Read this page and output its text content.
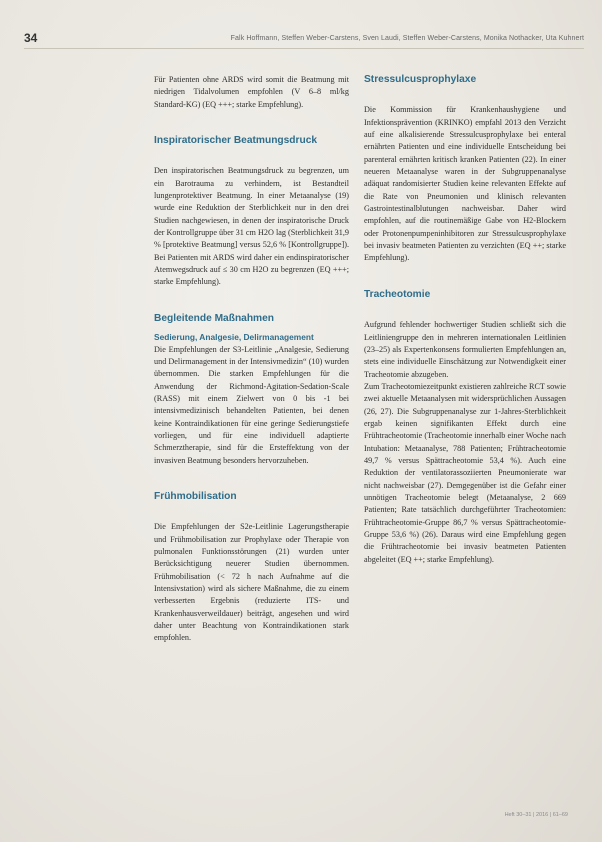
34	Falk Hoffmann, Steffen Weber-Carstens, Sven Laudi, Steffen Weber-Carstens, Monika Nothacker, Uta Kuhnert

Für Patienten ohne ARDS wird somit die Beatmung mit niedrigen Tidalvolumen empfohlen (V 6–8 ml/kg Standard-KG) (EQ +++; starke Empfehlung).

Inspiratorischer Beatmungsdruck

Den inspiratorischen Beatmungsdruck zu begrenzen, um ein Barotrauma zu verhindern, ist Bestandteil lungenprotektiver Beatmung. In einer Metaanalyse (19) wurde eine Reduktion der Sterblichkeit nur in den drei Studien nachgewiesen, in denen der inspiratorische Druck der Kontrollgruppe über 31 cm H2O lag (Sterblichkeit 31,9 % [protektive Beatmung] versus 52,6 % [Kontrollgruppe]). Bei Patienten mit ARDS wird daher ein endinspiratorischer Atemwegsdruck auf ≤ 30 cm H2O zu begrenzen (EQ +++; starke Empfehlung).

Begleitende Maßnahmen
Sedierung, Analgesie, Delirmanagement

Die Empfehlungen der S3-Leitlinie „Analgesie, Sedierung und Delirmanagement in der Intensivmedizin“ (10) wurden übernommen. Die starken Empfehlungen für die Anwendung der Richmond-Agitation-Sedation-Scale (RASS) mit einem Zielwert von 0 bis -1 bei intensivmedizinisch behandelten Patienten, bei denen keine Kontraindikationen für eine geringe Sedierungstiefe vorliegen, und für eine individuell adaptierte Schmerztherapie, sind für die Ersteffektung von der invasiven Beatmung besonders hervorzuheben.

Frühmobilisation

Die Empfehlungen der S2e-Leitlinie Lagerungstherapie und Frühmobilisation zur Prophylaxe oder Therapie von pulmonalen Funktionsstörungen (21) wurden unter Berücksichtigung neuerer Studien übernommen. Frühmobilisation (< 72 h nach Aufnahme auf die Intensivstation) wird als sichere Maßnahme, die zu einem verbesserten Ergebnis (reduzierte ITS- und Krankenhausverweildauer) beiträgt, angesehen und wird daher unter Beachtung von Kontraindikationen stark empfohlen.

Stressulcusprophylaxe

Die Kommission für Krankenhaushygiene und Infektionsprävention (KRINKO) empfahl 2013 den Verzicht auf eine alkalisierende Stressulcusprophylaxe bei enteral ernährten Patienten und eine individuelle Entscheidung bei parenteral ernährten kritisch kranken Patienten (22). In einer neueren Metaanalyse waren in der Subgruppenanalyse adäquat randomisierter Studien keine relevanten Effekte auf die Rate von Pneumonien und klinisch relevanten Gastrointestinalblutungen nachweisbar. Daher wird empfohlen, auf die routinemäßige Gabe von H2-Blockern oder Protonenpumpeninhibitoren zur Stressulcusprophylaxe bei invasiv beatmeten Patienten zu verzichten (EQ ++; starke Empfehlung).

Tracheotomie

Aufgrund fehlender hochwertiger Studien schließt sich die Leitliniengruppe den in mehreren internationalen Leitlinien (23–25) als Expertenkonsens formulierten Empfehlungen an, stets eine individuelle Einschätzung zur Notwendigkeit einer Tracheotomie abzugeben.

Zum Tracheotomiezeitpunkt existieren zahlreiche RCT sowie zwei aktuelle Metaanalysen mit widersprüchlichen Aussagen (26, 27). Die Subgruppenanalyse zur 1-Jahres-Sterblichkeit ergab keinen signifikanten Effekt durch eine Frühtracheotomie (Tracheotomie innerhalb einer Woche nach Intubation: Metaanalyse, 788 Patienten; Frühtracheotomie 49,7 % versus Spättracheotomie 53,4 %). Auch eine Reduktion der ventilatorassoziierten Pneumonierate war nicht nachweisbar (27). Demgegenüber ist die Gefahr einer unnötigen Tracheotomie belegt (Metaanalyse, 2 669 Patienten; Rate tatsächlich durchgeführter Tracheotomien: Frühtracheotomie-Gruppe 86,7 % versus Spättracheotomie-Gruppe 53,6 %) (26). Daraus wird eine Empfehlung gegen die Frühtracheotomie bei invasiv beatmeten Patienten abgeleitet (EQ ++; starke Empfehlung).

Heft 30–31 | 2016 | 61–69
